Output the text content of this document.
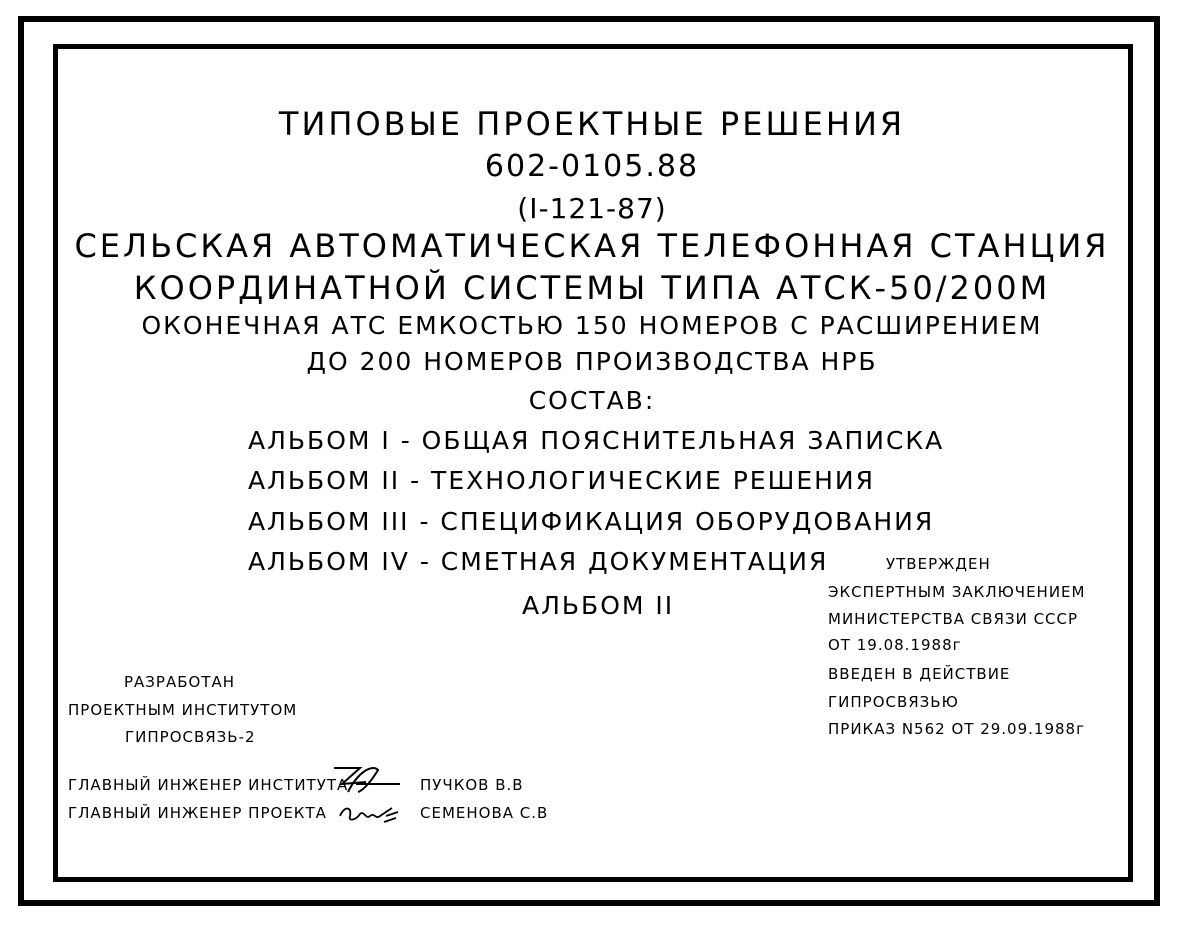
ТИПОВЫЕ ПРОЕКТНЫЕ РЕШЕНИЯ
602-0105.88
(I-121-87)
СЕЛЬСКАЯ АВТОМАТИЧЕСКАЯ ТЕЛЕФОННАЯ СТАНЦИЯ
КООРДИНАТНОЙ СИСТЕМЫ ТИПА АТСК-50/200М
ОКОНЕЧНАЯ АТС ЕМКОСТЬЮ 150 НОМЕРОВ С РАСШИРЕНИЕМ
ДО 200 НОМЕРОВ ПРОИЗВОДСТВА НРБ
СОСТАВ:
АЛЬБОМ I - ОБЩАЯ ПОЯСНИТЕЛЬНАЯ ЗАПИСКА
АЛЬБОМ II - ТЕХНОЛОГИЧЕСКИЕ РЕШЕНИЯ
АЛЬБОМ III - СПЕЦИФИКАЦИЯ ОБОРУДОВАНИЯ
АЛЬБОМ IV - СМЕТНАЯ ДОКУМЕНТАЦИЯ
АЛЬБОМ II
УТВЕРЖДЕН
ЭКСПЕРТНЫМ ЗАКЛЮЧЕНИЕМ
МИНИСТЕРСТВА СВЯЗИ СССР
ОТ 19.08.1988г
ВВЕДЕН В ДЕЙСТВИЕ
ГИПРОСВЯЗЬЮ
ПРИКАЗ N562 ОТ 29.09.1988г
РАЗРАБОТАН
ПРОЕКТНЫМ ИНСТИТУТОМ
ГИПРОСВЯЗЬ-2
ГЛАВНЫЙ ИНЖЕНЕР ИНСТИТУТА
ГЛАВНЫЙ ИНЖЕНЕР ПРОЕКТА
ПУЧКОВ В.В
СЕМЕНОВА С.В
